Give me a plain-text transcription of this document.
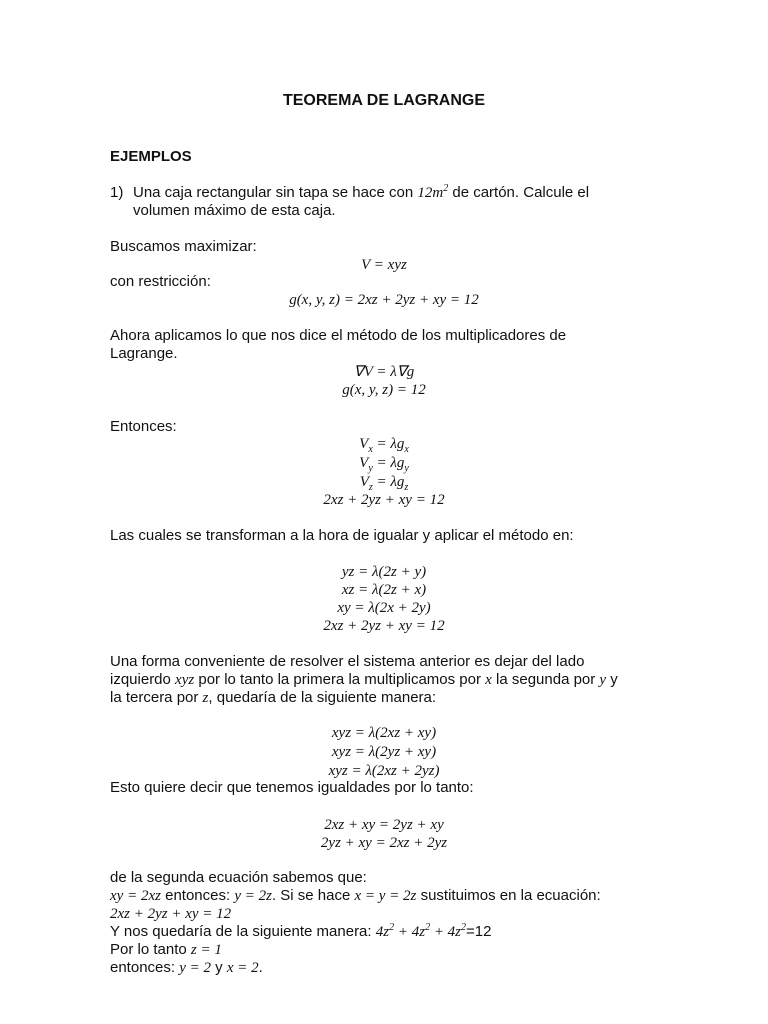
TEOREMA DE LAGRANGE
EJEMPLOS
1) Una caja rectangular sin tapa se hace con $12m^2$ de cartón. Calcule el
volumen máximo de esta caja.
Buscamos maximizar:
V = xyz
con restricción:
g(x, y, z) = 2xz + 2yz + xy = 12
Ahora aplicamos lo que nos dice el método de los multiplicadores de
Lagrange.
∇V = λ∇g
g(x, y, z) = 12
Entonces:
$V_x = \lambda g_x$
$V_y = \lambda g_y$
$V_z = \lambda g_z$
2xz + 2yz + xy = 12
Las cuales se transforman a la hora de igualar y aplicar el método en:
yz = λ(2z + y)
xz = λ(2z + x)
xy = λ(2x + 2y)
2xz + 2yz + xy = 12
Una forma conveniente de resolver el sistema anterior es dejar del lado
izquierdo xyz por lo tanto la primera la multiplicamos por x la segunda por y y
la tercera por z, quedaría de la siguiente manera:
xyz = λ(2xz + xy)
xyz = λ(2yz + xy)
xyz = λ(2xz + 2yz)
Esto quiere decir que tenemos igualdades por lo tanto:
2xz + xy = 2yz + xy
2yz + xy = 2xz + 2yz
de la segunda ecuación sabemos que:
xy = 2xz entonces: y = 2z. Si se hace x = y = 2z sustituimos en la ecuación:
2xz + 2yz + xy = 12
Y nos quedaría de la siguiente manera: $4z^2 + 4z^2 + 4z^2=12$
Por lo tanto z = 1
entonces: y = 2 y x = 2.
